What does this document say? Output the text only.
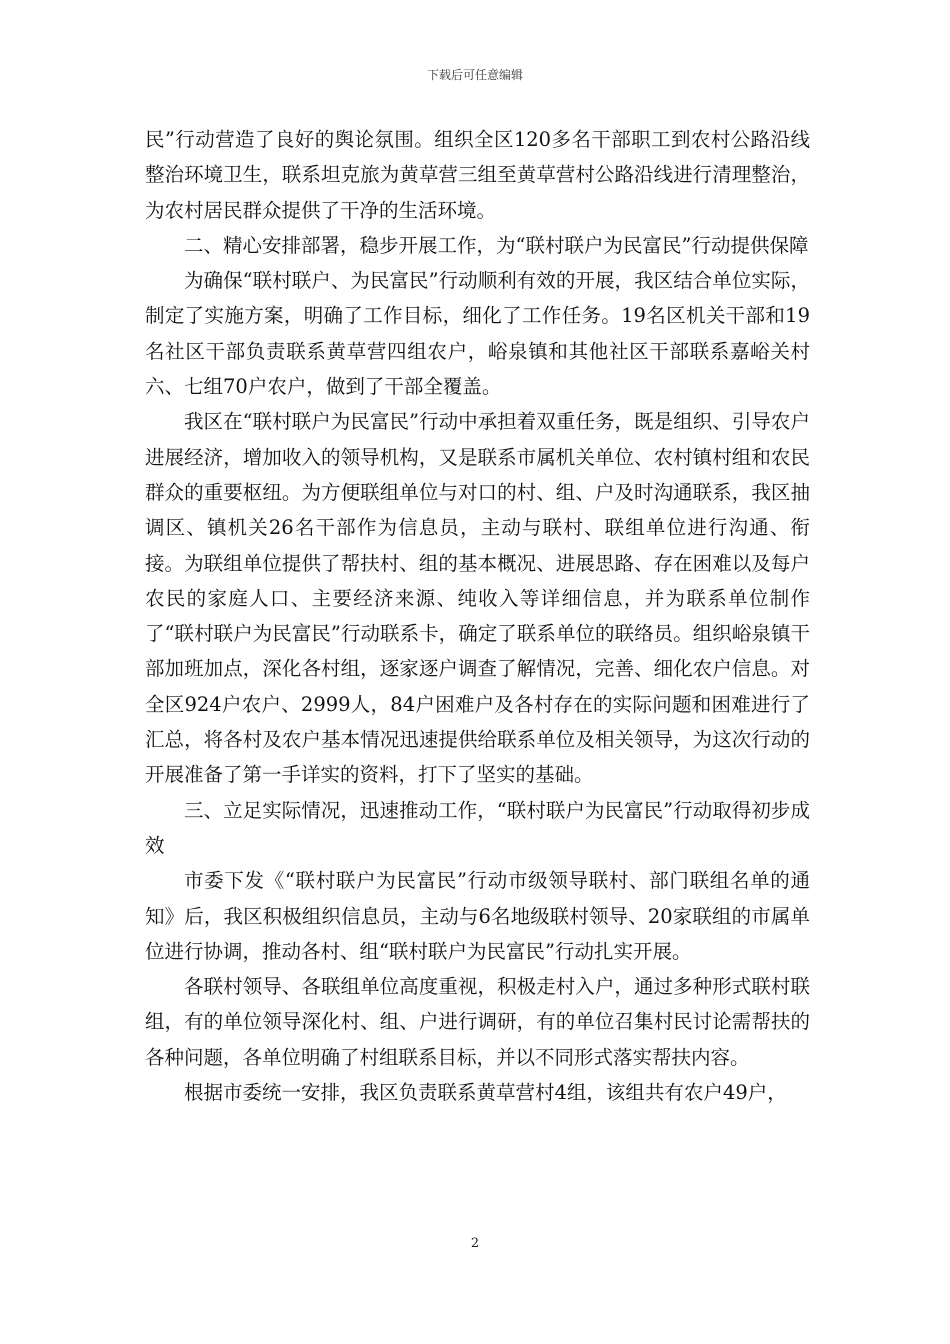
下载后可任意编辑

民”行动营造了良好的舆论氛围。组织全区120多名干部职工到农村公路沿线整治环境卫生，联系坦克旅为黄草营三组至黄草营村公路沿线进行清理整治，为农村居民群众提供了干净的生活环境。

二、精心安排部署，稳步开展工作，为“联村联户为民富民”行动提供保障

为确保“联村联户、为民富民”行动顺利有效的开展，我区结合单位实际，制定了实施方案，明确了工作目标，细化了工作任务。19名区机关干部和19名社区干部负责联系黄草营四组农户，峪泉镇和其他社区干部联系嘉峪关村六、七组70户农户，做到了干部全覆盖。

我区在“联村联户为民富民”行动中承担着双重任务，既是组织、引导农户进展经济，增加收入的领导机构，又是联系市属机关单位、农村镇村组和农民群众的重要枢纽。为方便联组单位与对口的村、组、户及时沟通联系，我区抽调区、镇机关26名干部作为信息员，主动与联村、联组单位进行沟通、衔接。为联组单位提供了帮扶村、组的基本概况、进展思路、存在困难以及每户农民的家庭人口、主要经济来源、纯收入等详细信息，并为联系单位制作了“联村联户为民富民”行动联系卡，确定了联系单位的联络员。组织峪泉镇干部加班加点，深化各村组，逐家逐户调查了解情况，完善、细化农户信息。对全区924户农户、2999人，84户困难户及各村存在的实际问题和困难进行了汇总，将各村及农户基本情况迅速提供给联系单位及相关领导，为这次行动的开展准备了第一手详实的资料，打下了坚实的基础。

三、立足实际情况，迅速推动工作，“联村联户为民富民”行动取得初步成效

市委下发《“联村联户为民富民”行动市级领导联村、部门联组名单的通知》后，我区积极组织信息员，主动与6名地级联村领导、20家联组的市属单位进行协调，推动各村、组“联村联户为民富民”行动扎实开展。

各联村领导、各联组单位高度重视，积极走村入户，通过多种形式联村联组，有的单位领导深化村、组、户进行调研，有的单位召集村民讨论需帮扶的各种问题，各单位明确了村组联系目标，并以不同形式落实帮扶内容。

根据市委统一安排，我区负责联系黄草营村4组，该组共有农户49户，

2
